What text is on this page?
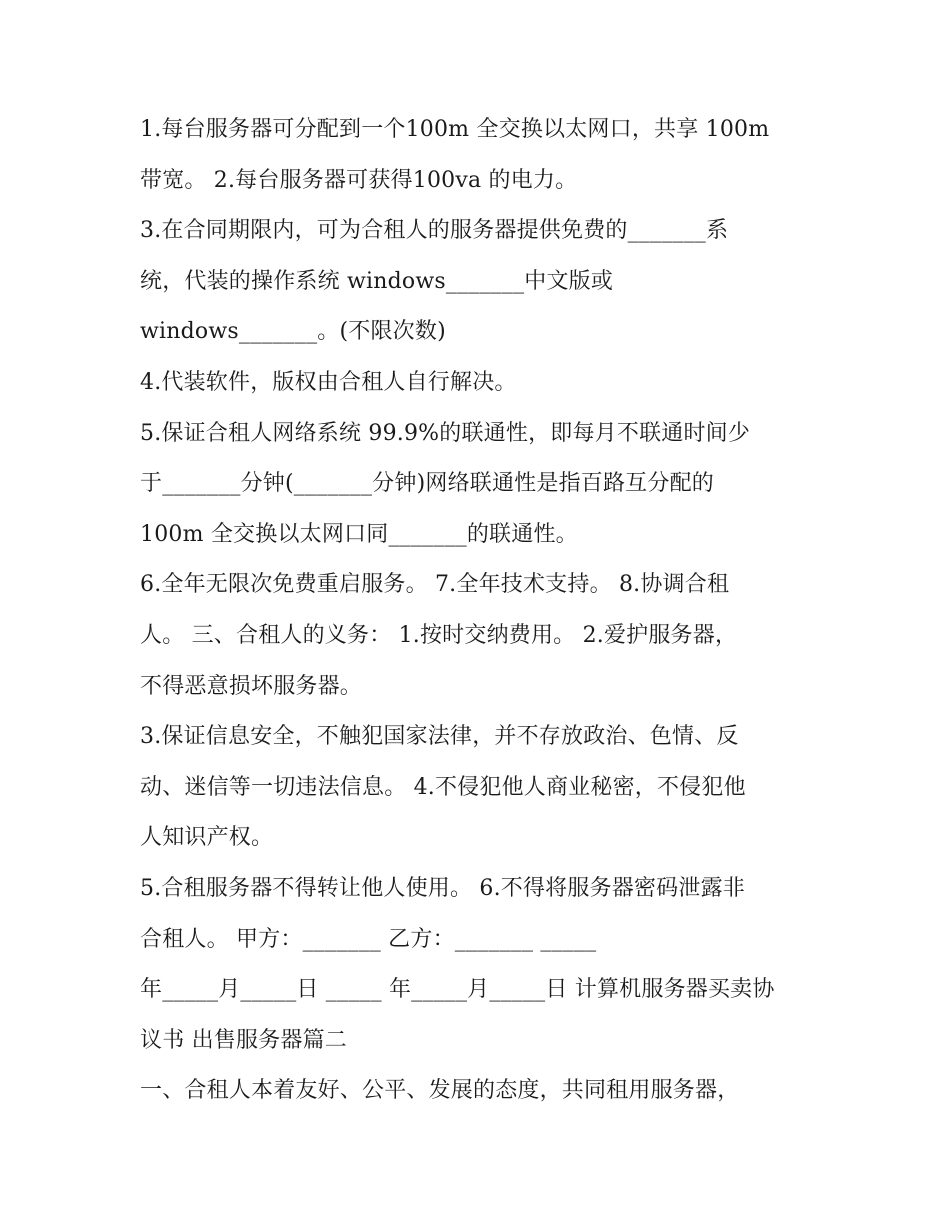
1.每台服务器可分配到一个100m 全交换以太网口，共享 100m
带宽。 2.每台服务器可获得100va 的电力。
3.在合同期限内，可为合租人的服务器提供免费的_______系
统，代装的操作系统 windows_______中文版或
windows_______。(不限次数)
4.代装软件，版权由合租人自行解决。
5.保证合租人网络系统 99.9%的联通性，即每月不联通时间少
于_______分钟(_______分钟)网络联通性是指百路互分配的
100m 全交换以太网口同_______的联通性。
6.全年无限次免费重启服务。 7.全年技术支持。 8.协调合租
人。 三、合租人的义务： 1.按时交纳费用。 2.爱护服务器，
不得恶意损坏服务器。
3.保证信息安全，不触犯国家法律，并不存放政治、色情、反
动、迷信等一切违法信息。 4.不侵犯他人商业秘密，不侵犯他
人知识产权。
5.合租服务器不得转让他人使用。 6.不得将服务器密码泄露非
合租人。 甲方：_______ 乙方：_______ _____
年_____月_____日 _____ 年_____月_____日 计算机服务器买卖协
议书 出售服务器篇二
一、合租人本着友好、公平、发展的态度，共同租用服务器，
